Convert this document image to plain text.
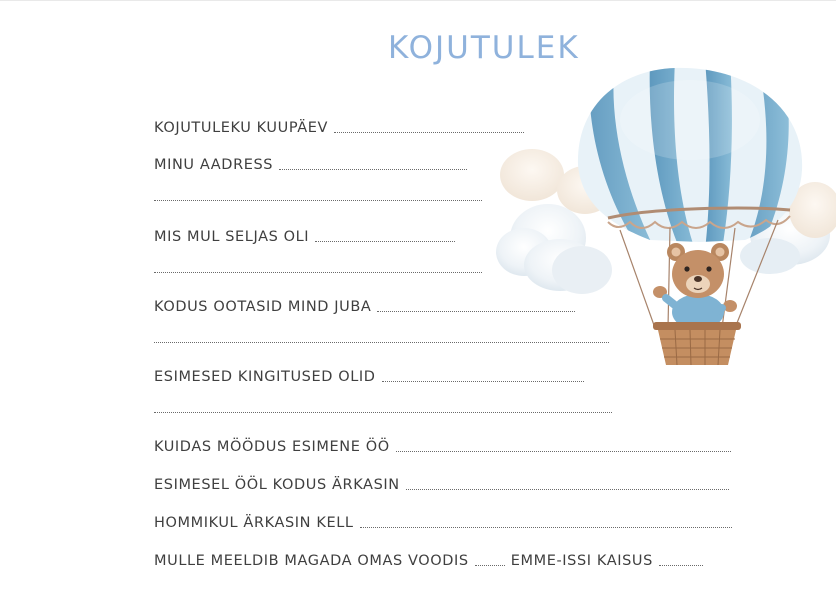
KOJUTULEK
KOJUTULEKU KUUPÄEV
MINU AADRESS
MIS MUL SELJAS OLI
KODUS OOTASID MIND JUBA
ESIMESED KINGITUSED OLID
KUIDAS MÖÖDUS ESIMENE ÖÖ
ESIMESEL ÖÖL KODUS ÄRKASIN
HOMMIKUL ÄRKASIN KELL
MULLE MEELDIB MAGADA OMAS VOODIS	EMME-ISSI KAISUS
